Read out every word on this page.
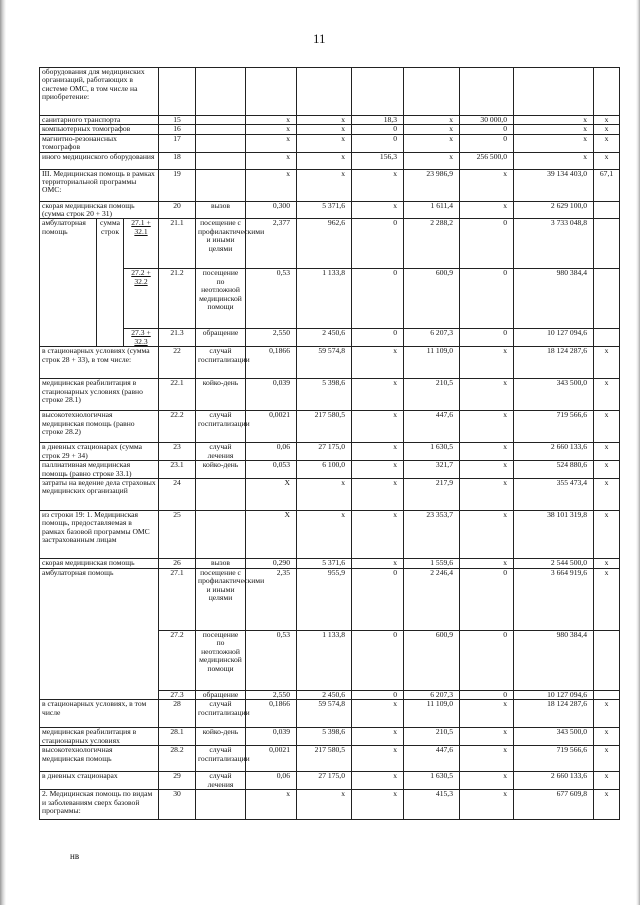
11
оборудования для медицинских организаций, работающих в системе ОМС, в том числе на приобретение:											
санитарного транспорта			15		x	x	18,3	x	30 000,0	x	x
компьютерных томографов			16		x	x	0	x	0	x	x
магнитно-резонансных томографов			17		x	x	0	x	0	x	x
иного медицинского оборудования			18		x	x	156,3	x	256 500,0	x	x
III. Медицинская помощь в рамках территориальной программы ОМС:			19		x	x	x	23 986,9	x	39 134 403,0	67,1
скорая медицинская помощь (сумма строк 20 + 31)			20	вызов	0,300	5 371,6	x	1 611,4	x	2 629 100,0	
амбулаторная помощь	сумма строк	27.1 + 32.1	21.1	посещение с профилактическими и иными целями	2,377	962,6	0	2 288,2	0	3 733 048,8	
		27.2 + 32.2	21.2	посещение по неотложной медицинской помощи	0,53	1 133,8	0	600,9	0	980 384,4	
		27.3 + 32.3	21.3	обращение	2,550	2 450,6	0	6 207,3	0	10 127 094,6	
в стационарных условиях (сумма строк 28 + 33), в том числе:			22	случай госпитализации	0,1866	59 574,8	x	11 109,0	x	18 124 287,6	x
медицинская реабилитация в стационарных условиях (равно строке 28.1)			22.1	койко-день	0,039	5 398,6	x	210,5	x	343 500,0	x
высокотехнологичная медицинская помощь (равно строке 28.2)			22.2	случай госпитализации	0,0021	217 580,5	x	447,6	x	719 566,6	x
в дневных стационарах (сумма строк 29 + 34)			23	случай лечения	0,06	27 175,0	x	1 630,5	x	2 660 133,6	x
паллиативная медицинская помощь (равно строке 33.1)			23.1	койко-день	0,053	6 100,0	x	321,7	x	524 880,6	x
затраты на ведение дела страховых медицинских организаций			24		X	x	x	217,9	x	355 473,4	x
из строки 19: 1. Медицинская помощь, предоставляемая в рамках базовой программы ОМС застрахованным лицам			25		X	x	x	23 353,7	x	38 101 319,8	x
скорая медицинская помощь			26	вызов	0,290	5 371,6	x	1 559,6	x	2 544 500,0	x
амбулаторная помощь			27.1	посещение с профилактическими и иными целями	2,35	955,9	0	2 246,4	0	3 664 919,6	x
			27.2	посещение по неотложной медицинской помощи	0,53	1 133,8	0	600,9	0	980 384,4	
			27.3	обращение	2,550	2 450,6	0	6 207,3	0	10 127 094,6	
в стационарных условиях, в том числе			28	случай госпитализации	0,1866	59 574,8	x	11 109,0	x	18 124 287,6	x
медицинская реабилитация в стационарных условиях			28.1	койко-день	0,039	5 398,6	x	210,5	x	343 500,0	x
высокотехнологичная медицинская помощь			28.2	случай госпитализации	0,0021	217 580,5	x	447,6	x	719 566,6	x
в дневных стационарах			29	случай лечения	0,06	27 175,0	x	1 630,5	x	2 660 133,6	x
2. Медицинская помощь по видам и заболеваниям сверх базовой программы:			30		x	x	x	415,3	x	677 609,8	x
нв
